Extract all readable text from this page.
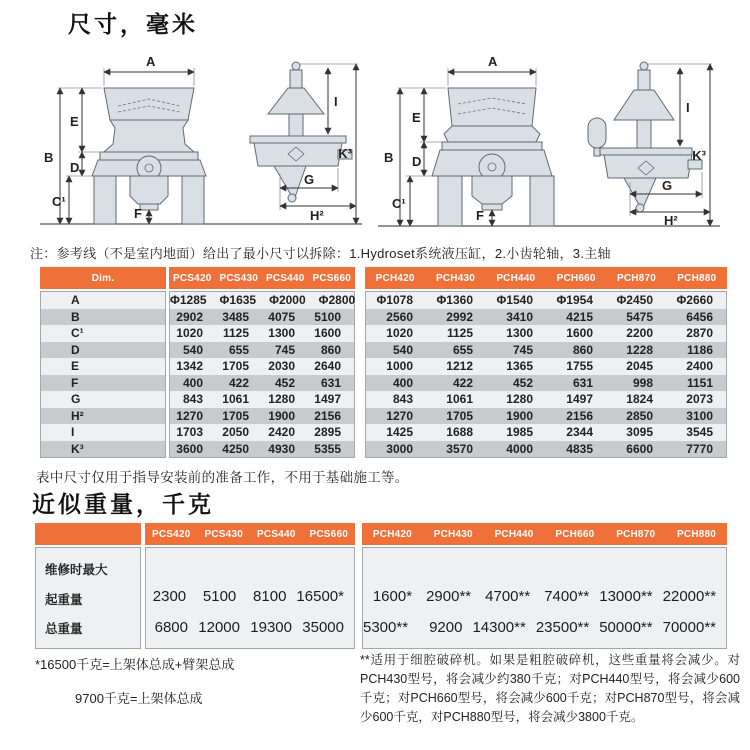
尺寸，毫米
A
B
E
D
C¹
F
I
K³
G
H²
A
B
E
D
C¹
F
I
K³
G
H²
注：参考线（不是室内地面）给出了最小尺寸以拆除：1.Hydroset系统液压缸，2.小齿轮轴，3.主轴
Dim.
A
B
C¹
D
E
F
G
H²
I
K³
PCS420 PCS430 PCS440 PCS660
Φ1285	Φ1635	Φ2000	Φ2800
2902	3485	4075	5100
1020	1125	1300	1600
540	655	745	860
1342	1705	2030	2640
400	422	452	631
843	1061	1280	1497
1270	1705	1900	2156
1703	2050	2420	2895
3600	4250	4930	5355
PCH420	PCH430	PCH440	PCH660	PCH870	PCH880
Φ1078	Φ1360	Φ1540	Φ1954	Φ2450	Φ2660
2560	2992	3410	4215	5475	6456
1020	1125	1300	1600	2200	2870
540	655	745	860	1228	1186
1000	1212	1365	1755	2045	2400
400	422	452	631	998	1151
843	1061	1280	1497	1824	2073
1270	1705	1900	2156	2850	3100
1425	1688	1985	2344	3095	3545
3000	3570	4000	4835	6600	7770
表中尺寸仅用于指导安装前的准备工作，不用于基础施工等。
近似重量，千克
维修时最大
起重量
总重量
PCS420	PCS430	PCS440	PCS660
2300	5100	8100 16500*
6800 12000 19300 35000
PCH420	PCH430	PCH440	PCH660	PCH870	PCH880
1600* 2900** 4700** 7400** 13000** 22000**
5300**	9200 14300** 23500** 50000** 70000**
*16500千克=上架体总成+臂架总成
9700千克=上架体总成
**适用于细腔破碎机。如果是粗腔破碎机，这些重量将会减少。对PCH430型号，将会减少约380千克；对PCH440型号，将会减少600千克；对PCH660型号，将会减少600千克；对PCH870型号，将会减少600千克，对PCH880型号，将会减少3800千克。
